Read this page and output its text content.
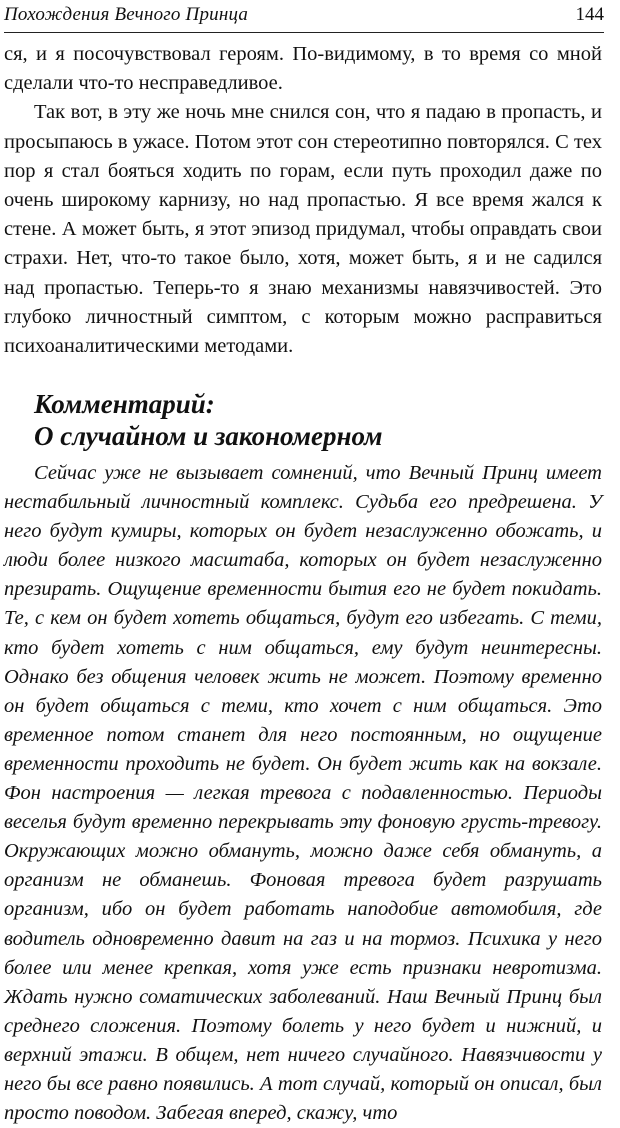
Похождения Вечного Принца	144

ся, и я посочувствовал героям. По-видимому, в то время со мной сделали что-то несправедливое.

Так вот, в эту же ночь мне снился сон, что я падаю в пропасть, и просыпаюсь в ужасе. Потом этот сон стереотипно повторялся. С тех пор я стал бояться ходить по горам, если путь проходил даже по очень широкому карнизу, но над пропастью. Я все время жался к стене. А может быть, я этот эпизод придумал, чтобы оправдать свои страхи. Нет, что-то такое было, хотя, может быть, я и не садился над пропастью. Теперь-то я знаю механизмы навязчивостей. Это глубоко личностный симптом, с которым можно расправиться психоаналитическими методами.

Комментарий:
О случайном и закономерном

Сейчас уже не вызывает сомнений, что Вечный Принц имеет нестабильный личностный комплекс. Судьба его предрешена. У него будут кумиры, которых он будет незаслуженно обожать, и люди более низкого масштаба, которых он будет незаслуженно презирать. Ощущение временности бытия его не будет покидать. Те, с кем он будет хотеть общаться, будут его избегать. С теми, кто будет хотеть с ним общаться, ему будут неинтересны. Однако без общения человек жить не может. Поэтому временно он будет общаться с теми, кто хочет с ним общаться. Это временное потом станет для него постоянным, но ощущение временности проходить не будет. Он будет жить как на вокзале. Фон настроения — легкая тревога с подавленностью. Периоды веселья будут временно перекрывать эту фоновую грусть-тревогу. Окружающих можно обмануть, можно даже себя обмануть, а организм не обманешь. Фоновая тревога будет разрушать организм, ибо он будет работать наподобие автомобиля, где водитель одновременно давит на газ и на тормоз. Психика у него более или менее крепкая, хотя уже есть признаки невротизма. Ждать нужно соматических заболеваний. Наш Вечный Принц был среднего сложения. Поэтому болеть у него будет и нижний, и верхний этажи. В общем, нет ничего случайного. Навязчивости у него бы все равно появились. А тот случай, который он описал, был просто поводом. Забегая вперед, скажу, что
